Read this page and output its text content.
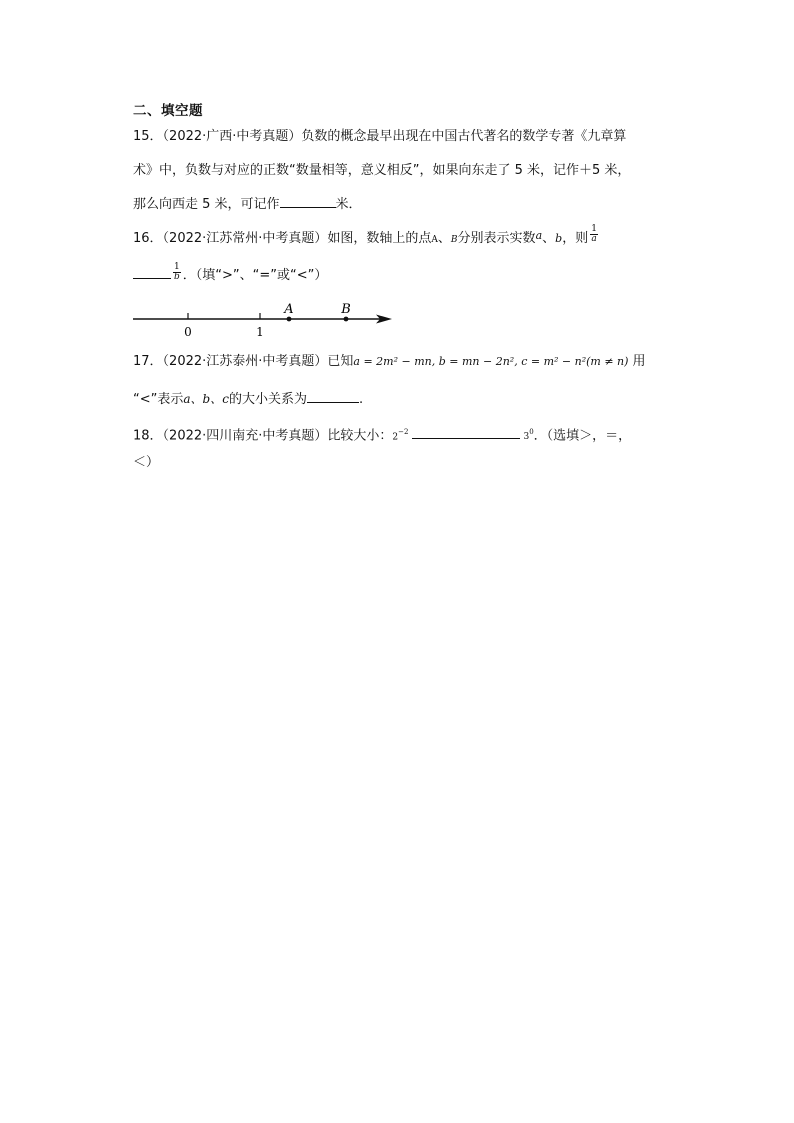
二、填空题
15．（2022·广西·中考真题）负数的概念最早出现在中国古代著名的数学专著《九章算
术》中，负数与对应的正数“数量相等，意义相反”，如果向东走了 5 米，记作＋5 米，
那么向西走 5 米，可记作	米．
16．（2022·江苏常州·中考真题）如图，数轴上的点A、B分别表示实数$^a$、b，则 $\frac{1}{a}$
$\frac{1}{b}$ ．（填“>”、“=”或“<”）
0	1
A	B
17．（2022·江苏泰州·中考真题）已知a = 2m² − mn, b = mn − 2n², c = m² − n²(m ≠ n) 用
“<”表示a、b、c的大小关系为	.
18．（2022·四川南充·中考真题）比较大小：$2^{-2}3^0$．（选填＞，＝，
＜）
